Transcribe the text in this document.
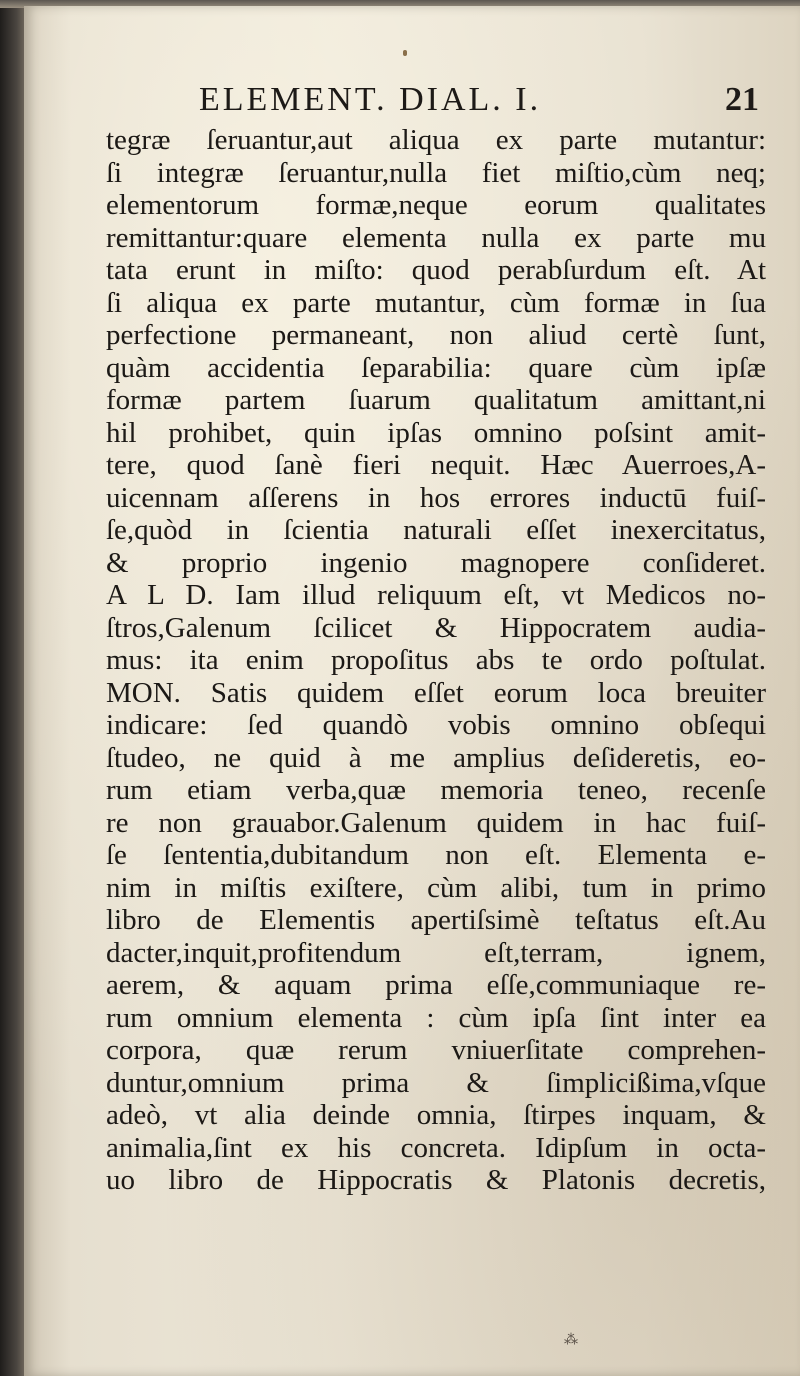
ELEMENT. DIAL. I.	21
tegræ ſeruantur,aut aliqua ex parte mutantur:
ſi integræ ſeruantur,nulla fiet miſtio,cùm neq;
elementorum formæ,neque eorum qualitates
remittantur:quare elementa nulla ex parte mu
tata erunt in miſto: quod perabſurdum eſt. At
ſi aliqua ex parte mutantur, cùm formæ in ſua
perfectione permaneant, non aliud certè ſunt,
quàm accidentia ſeparabilia: quare cùm ipſæ
formæ partem ſuarum qualitatum amittant,ni
hil prohibet, quin ipſas omnino poſsint amit-
tere, quod ſanè fieri nequit. Hæc Auerroes,A-
uicennam aſſerens in hos errores inductū fuiſ-
ſe,quòd in ſcientia naturali eſſet inexercitatus,
& proprio ingenio magnopere conſideret.
A L D. Iam illud reliquum eſt, vt Medicos no-
ſtros,Galenum ſcilicet & Hippocratem audia-
mus: ita enim propoſitus abs te ordo poſtulat.
MON. Satis quidem eſſet eorum loca breuiter
indicare: ſed quandò vobis omnino obſequi
ſtudeo, ne quid à me amplius deſideretis, eo-
rum etiam verba,quæ memoria teneo, recenſe
re non grauabor.Galenum quidem in hac fuiſ-
ſe ſententia,dubitandum non eſt. Elementa e-
nim in miſtis exiſtere, cùm alibi, tum in primo
libro de Elementis apertiſsimè teſtatus eſt.Au
dacter,inquit,profitendum eſt,terram, ignem,
aerem, & aquam prima eſſe,communiaque re-
rum omnium elementa : cùm ipſa ſint inter ea
corpora, quæ rerum vniuerſitate comprehen-
duntur,omnium prima & ſimplicißima,vſque
adeò, vt alia deinde omnia, ſtirpes inquam, &
animalia,ſint ex his concreta. Idipſum in octa-
uo libro de Hippocratis & Platonis decretis,
⁂
